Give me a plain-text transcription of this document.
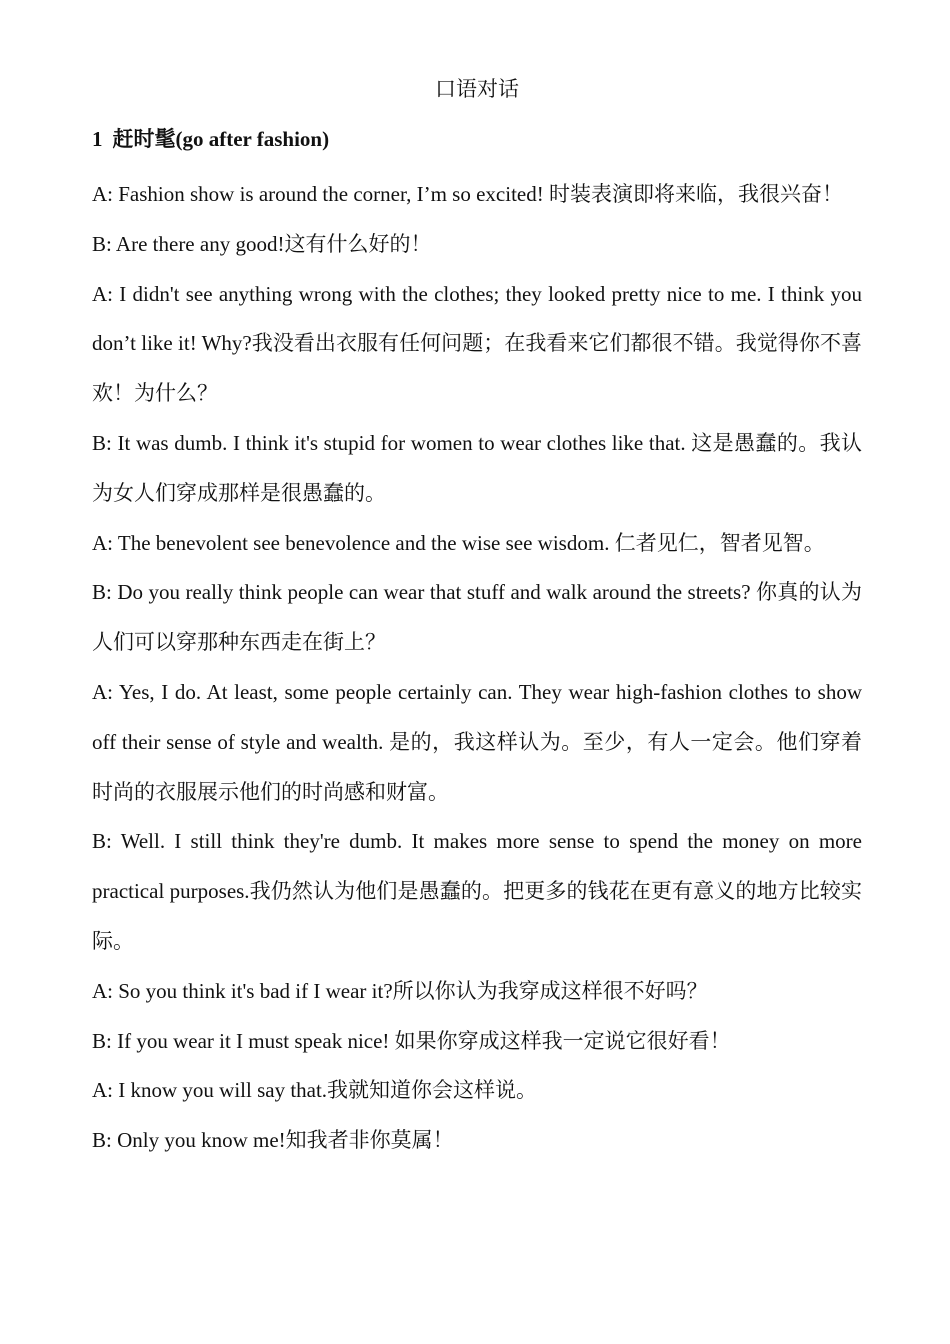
口语对话
1 赶时髦(go after fashion)

A: Fashion show is around the corner, I’m so excited! 时装表演即将来临，我很兴奋！

B: Are there any good!这有什么好的！

A: I didn't see anything wrong with the clothes; they looked pretty nice to me. I think you don’t like it! Why?我没看出衣服有任何问题；在我看来它们都很不错。我觉得你不喜欢！为什么？

B: It was dumb. I think it's stupid for women to wear clothes like that. 这是愚蠢的。我认为女人们穿成那样是很愚蠢的。

A: The benevolent see benevolence and the wise see wisdom. 仁者见仁，智者见智。

B: Do you really think people can wear that stuff and walk around the streets? 你真的认为人们可以穿那种东西走在街上？

A: Yes, I do. At least, some people certainly can. They wear high-fashion clothes to show off their sense of style and wealth. 是的，我这样认为。至少，有人一定会。他们穿着时尚的衣服展示他们的时尚感和财富。

B: Well. I still think they're dumb. It makes more sense to spend the money on more practical purposes.我仍然认为他们是愚蠢的。把更多的钱花在更有意义的地方比较实际。

A: So you think it's bad if I wear it?所以你认为我穿成这样很不好吗？

B: If you wear it I must speak nice! 如果你穿成这样我一定说它很好看！

A: I know you will say that.我就知道你会这样说。

B: Only you know me!知我者非你莫属！
